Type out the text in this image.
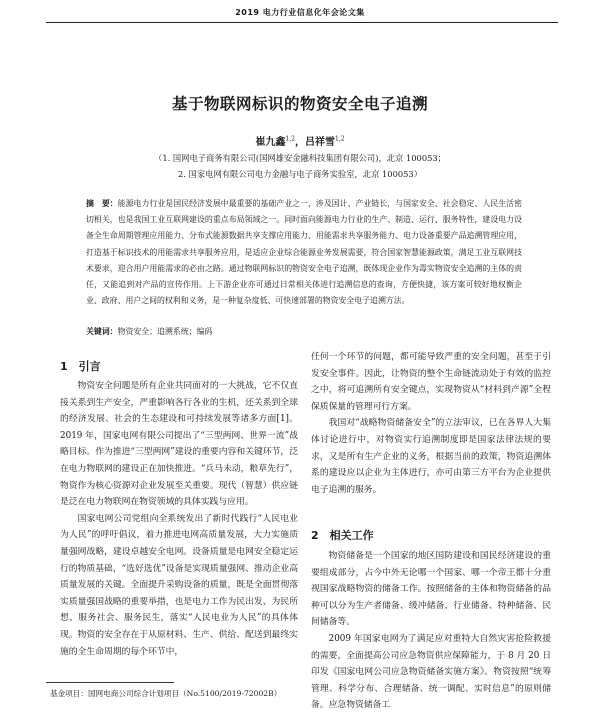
2019 电力行业信息化年会论文集
基于物联网标识的物资安全电子追溯
崔九鑫$^{1,2}$，吕祥雪$^{1,2}$
（1. 国网电子商务有限公司(国网雄安金融科技集团有限公司)，北京 100053；
2. 国家电网有限公司电力金融与电子商务实验室，北京 100053）
摘　要：能源电力行业是国民经济发展中最重要的基础产业之一，涉及国计、产业链长，与国家安全、社会稳定、人民生活密切相关，也是我国工业互联网建设的重点布局领域之一。同时面向能源电力行业的生产、制造、运行、服务特性，建设电力设备全生命周期管理应用能力、分布式能源数据共享支撑应用能力、用能需求共享服务能力、电力设备重要产品追溯管理应用，打造基于标识技术的用能需求共享服务应用，是适应企业综合能源业务发展需要，符合国家智慧能源政策，满足工业互联网技术要求，迎合用户用能需求的必由之路。通过物联网标识的物资安全电子追溯，既体现企业作为毒实物资安全追溯的主体的责任，又能追到对产品的宣传作用。上下游企业亦可通过日常相关体进行追溯信息的查询，方便快捷，该方案可较好地权衡企业、政府、用户之间的权利和义务，是一种复杂度低、可快速部署的物资安全电子追溯方法。
关键词：物资安全；追溯系统；编码
1　引言

物资安全问题是所有企业共同面对的一大挑战，它不仅直接关系到生产安全，严重影响各行各业的生机，还关系到全球的经济发展、社会的生态建设和可持续发展等诸多方面[1]。2019 年，国家电网有限公司提出了“三型两网、世界一流”战略目标。作为推进“三型两网”建设的重要内容和关键环节，泛在电力物联网的建设正在加快推进。“兵马未动，粮草先行”，物资作为核心资源对企业发展至关重要。现代（智慧）供应链是泛在电力物联网在物资领域的具体实践与应用。

国家电网公司党组向全系统发出了新时代践行“人民电业为人民”的呼吁倡议，着力推进电网高质量发展，大力实施质量强网战略，建设卓越安全电网。设备质量是电网安全稳定运行的物质基础，“选好选优”设备是实现质量强网、推动企业高质量发展的关键。全面提升采购设备的质量，既是全面贯彻落实质量强国战略的重要举措，也是电力工作为民出发、为民所想、服务社会、服务民生，落实“人民电业为人民”的具体体现。物资的安全存在于从原材料、生产、供给、配送到最终实施的全生命周期的每个环节中，

任何一个环节的问题，都可能导致严重的安全问题，甚至于引发安全事件。因此，让物资的整个生命链流动处于有效的监控之中，将可追溯所有安全键点，实现物资从“材料到产源”全程保质保量的管理可行方案。

我国对“战略物资储备安全”的立法审议，已在各界人大集体讨论进行中，对物资实行追溯制度即是国家法律法规的要求，又是所有生产企业的义务，根据当前的政策，物资追溯体系的建设应以企业为主体进行，亦可由第三方平台为企业提供电子追溯的服务。

2　相关工作

物资储备是一个国家的地区国防建设和国民经济建设的重要组成部分，占今中外无论哪一个国家、哪一个帝王都十分重视国家战略物资的储备工作。按照储备的主体和物资储备的品种可以分为生产者储备、缓冲储备、行业储备、特种储备、民间储备等。

2009 年国家电网为了满足应对重特大自然灾害抢险救援的需要，全面提高公司应急物资供应保障能力，于 8 月 20 日印发《国家电网公司应急物资储备实施方案》。物资按照“统筹管理、科学分布、合理储备、统一调配、实时信息”的原则储备。应急物资储备工

基金项目：国网电商公司综合计划项目（No.5100/2019-72002B）
